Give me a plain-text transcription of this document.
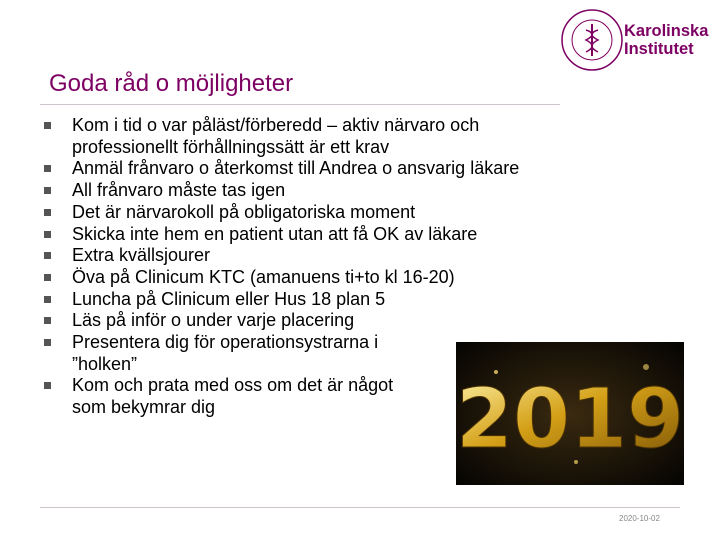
Karolinska
Institutet
Goda råd o möjligheter
Kom i tid o var påläst/förberedd – aktiv närvaro och
professionellt förhållningssätt är ett krav
Anmäl frånvaro o återkomst till Andrea o ansvarig läkare
All frånvaro måste tas igen
Det är närvarokoll på obligatoriska moment
Skicka inte hem en patient utan att få OK av läkare
Extra kvällsjourer
Öva på Clinicum KTC (amanuens ti+to kl 16-20)
Luncha på Clinicum eller Hus 18 plan 5
Läs på inför o under varje placering
Presentera dig för operationsystrarna i
”holken”
Kom och prata med oss om det är något
som bekymrar dig	2019
2020-10-02
